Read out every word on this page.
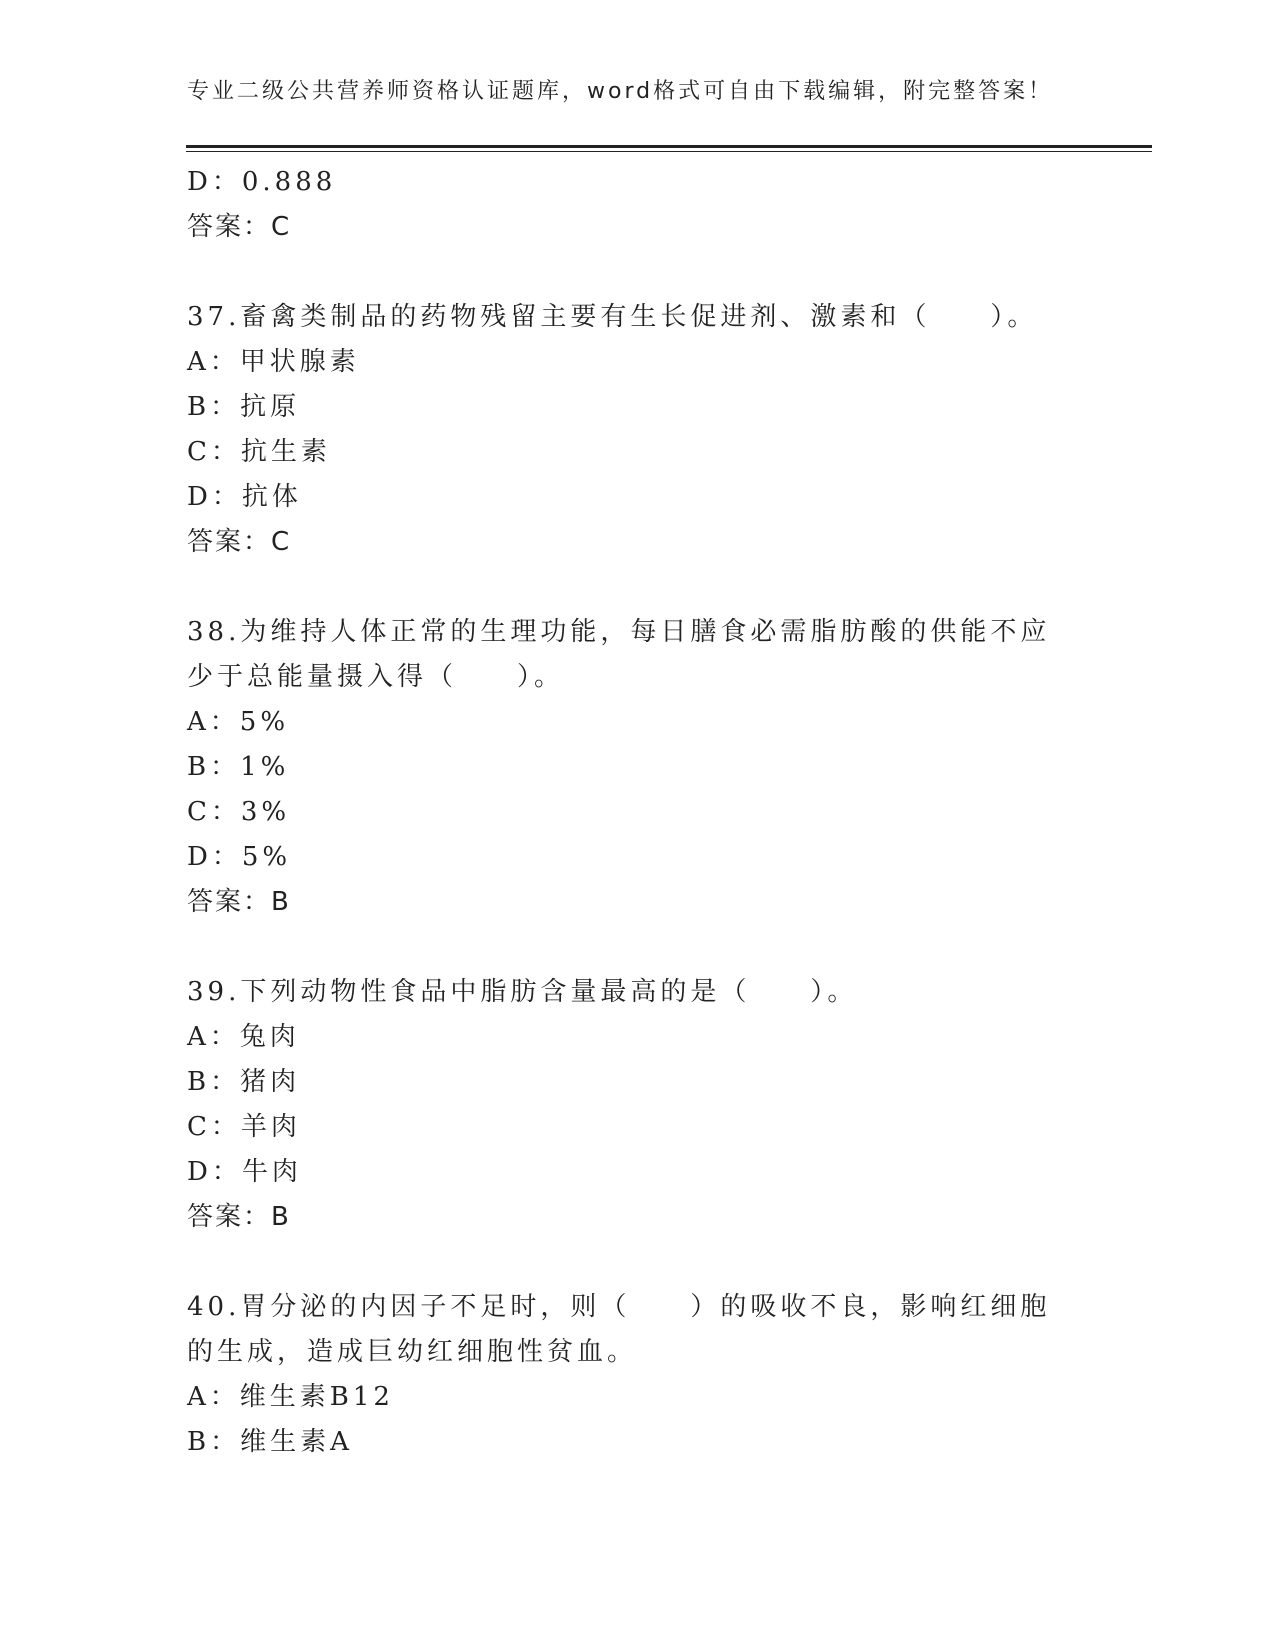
专业二级公共营养师资格认证题库，word格式可自由下载编辑，附完整答案！
D：0.888
答案：C
37.畜禽类制品的药物残留主要有生长促进剂、激素和（　　）。
A：甲状腺素
B：抗原
C：抗生素
D：抗体
答案：C
38.为维持人体正常的生理功能，每日膳食必需脂肪酸的供能不应少于总能量摄入得（　　）。
A：5%
B：1%
C：3%
D：5%
答案：B
39.下列动物性食品中脂肪含量最高的是（　　）。
A：兔肉
B：猪肉
C：羊肉
D：牛肉
答案：B
40.胃分泌的内因子不足时，则（　　）的吸收不良，影响红细胞的生成，造成巨幼红细胞性贫血。
A：维生素B12
B：维生素A
